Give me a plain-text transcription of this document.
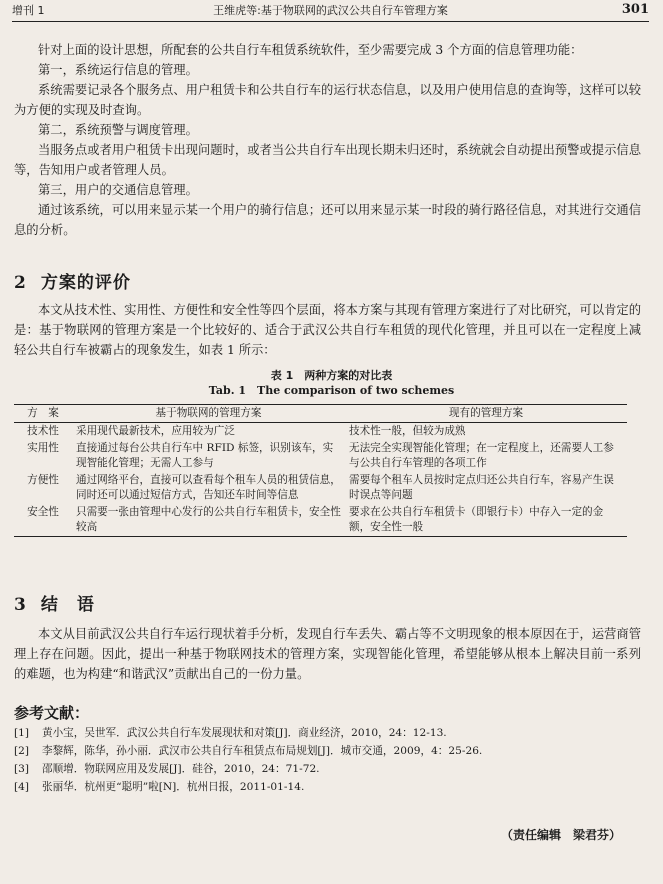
增刊 1	王维虎等:基于物联网的武汉公共自行车管理方案	301

针对上面的设计思想，所配套的公共自行车租赁系统软件，至少需要完成 3 个方面的信息管理功能：

第一，系统运行信息的管理。

系统需要记录各个服务点、用户租赁卡和公共自行车的运行状态信息，以及用户使用信息的查询等，这样可以较为方便的实现及时查询。

第二，系统预警与调度管理。

当服务点或者用户租赁卡出现问题时，或者当公共自行车出现长期未归还时，系统就会自动提出预警或提示信息等，告知用户或者管理人员。

第三，用户的交通信息管理。

通过该系统，可以用来显示某一个用户的骑行信息；还可以用来显示某一时段的骑行路径信息，对其进行交通信息的分析。

2 方案的评价

本文从技术性、实用性、方便性和安全性等四个层面，将本方案与其现有管理方案进行了对比研究，可以肯定的是：基于物联网的管理方案是一个比较好的、适合于武汉公共自行车租赁的现代化管理，并且可以在一定程度上减轻公共自行车被霸占的现象发生，如表 1 所示：

表 1　两种方案的对比表
Tab. 1　The comparison of two schemes
方　案	基于物联网的管理方案	现有的管理方案
技术性	采用现代最新技术，应用较为广泛	技术性一般，但较为成熟
实用性	直接通过每台公共自行车中 RFID 标签，识别该车，实现智能化管理；无需人工参与	无法完全实现智能化管理；在一定程度上，还需要人工参与公共自行车管理的各项工作
方便性	通过网络平台，直接可以查看每个租车人员的租赁信息，同时还可以通过短信方式，告知还车时间等信息	需要每个租车人员按时定点归还公共自行车，容易产生误时误点等问题
安全性	只需要一张由管理中心发行的公共自行车租赁卡，安全性较高	要求在公共自行车租赁卡（即银行卡）中存入一定的金额，安全性一般
3 结　语

本文从目前武汉公共自行车运行现状着手分析，发现自行车丢失、霸占等不文明现象的根本原因在于，运营商管理上存在问题。因此，提出一种基于物联网技术的管理方案，实现智能化管理，希望能够从根本上解决目前一系列的难题，也为构建“和谐武汉”贡献出自己的一份力量。

参考文献：
[1] 黄小宝，吴世军．武汉公共自行车发展现状和对策[J]．商业经济，2010，24：12-13.
[2] 李黎辉，陈华，孙小丽．武汉市公共自行车租赁点布局规划[J]．城市交通，2009，4：25-26.
[3] 邵顺增．物联网应用及发展[J]．硅谷，2010，24：71-72.
[4] 张丽华．杭州更“聪明”啦[N]．杭州日报，2011-01-14.
（责任编辑　梁君芬）
